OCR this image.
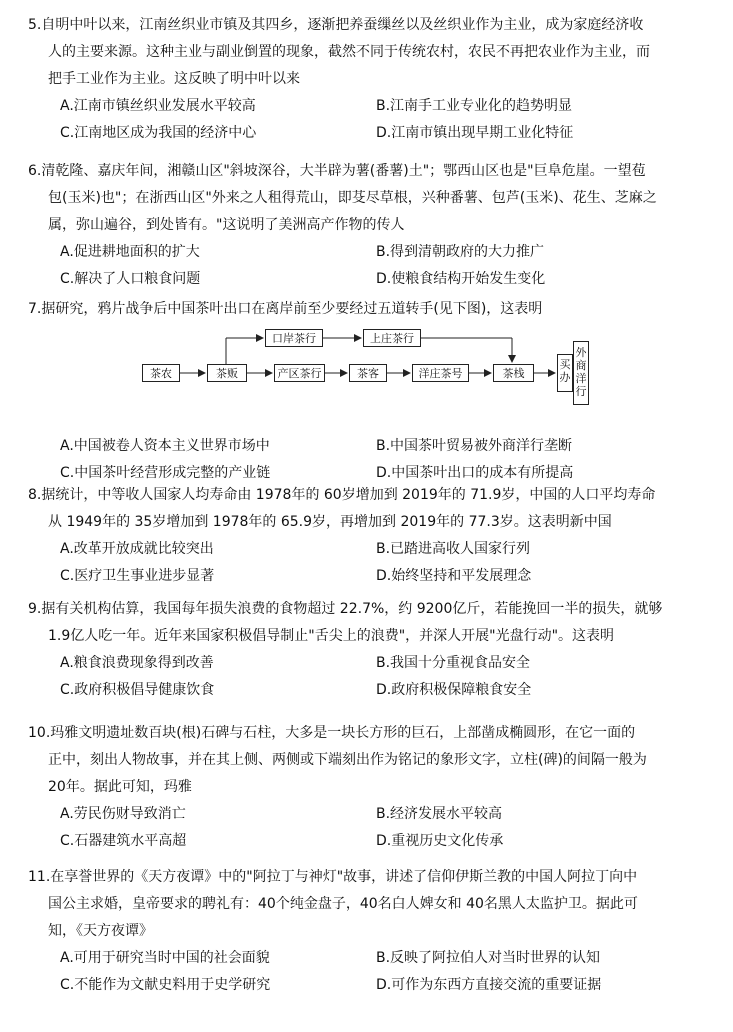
5.自明中叶以来，江南丝织业市镇及其四乡，逐渐把养蚕缫丝以及丝织业作为主业，成为家庭经济收
人的主要来源。这种主业与副业倒置的现象，截然不同于传统农村，农民不再把农业作为主业，而
把手工业作为主业。这反映了明中叶以来

A.江南市镇丝织业发展水平较高	B.江南手工业专业化的趋势明显
C.江南地区成为我国的经济中心	D.江南市镇出现早期工业化特征

6.清乾隆、嘉庆年间，湘赣山区"斜坡深谷，大半辟为薯(番薯)土"；鄂西山区也是"巨阜危崖。一望苞
包(玉米)也"；在浙西山区"外来之人租得荒山，即芟尽草根，兴种番薯、包芦(玉米)、花生、芝麻之
属，弥山遍谷，到处皆有。"这说明了美洲高产作物的传人

A.促进耕地面积的扩大	B.得到清朝政府的大力推广
C.解决了人口粮食问题	D.使粮食结构开始发生变化

7.据研究，鸦片战争后中国茶叶出口在离岸前至少要经过五道转手(见下图)，这表明

口岸茶行	上庄茶行
茶农	茶贩	产区茶行	茶客	洋庄茶号	茶栈
买办
外商洋行
A.中国被卷人资本主义世界市场中	B.中国茶叶贸易被外商洋行垄断
C.中国茶叶经营形成完整的产业链	D.中国茶叶出口的成本有所提高

8.据统计，中等收人国家人均寿命由 1978年的 60岁增加到 2019年的 71.9岁，中国的人口平均寿命
从 1949年的 35岁增加到 1978年的 65.9岁，再增加到 2019年的 77.3岁。这表明新中国

A.改革开放成就比较突出	B.已踏进高收人国家行列
C.医疗卫生事业进步显著	D.始终坚持和平发展理念

9.据有关机构估算，我国每年损失浪费的食物超过 22.7%，约 9200亿斤，若能挽回一半的损失，就够
1.9亿人吃一年。近年来国家积极倡导制止"舌尖上的浪费"，并深人开展"光盘行动"。这表明

A.粮食浪费现象得到改善	B.我国十分重视食品安全
C.政府积极倡导健康饮食	D.政府积极保障粮食安全

10.玛雅文明遗址数百块(根)石碑与石柱，大多是一块长方形的巨石，上部凿成椭圆形，在它一面的
正中，刻出人物故事，并在其上侧、两侧或下端刻出作为铭记的象形文字，立柱(碑)的间隔一般为
20年。据此可知，玛雅

A.劳民伤财导致消亡	B.经济发展水平较高
C.石器建筑水平高超	D.重视历史文化传承

11.在享誉世界的《天方夜谭》中的"阿拉丁与神灯"故事，讲述了信仰伊斯兰教的中国人阿拉丁向中
国公主求婚，皇帝要求的聘礼有：40个纯金盘子，40名白人婢女和 40名黑人太监护卫。据此可
知，《天方夜谭》

A.可用于研究当时中国的社会面貌	B.反映了阿拉伯人对当时世界的认知
C.不能作为文献史料用于史学研究	D.可作为东西方直接交流的重要证据
